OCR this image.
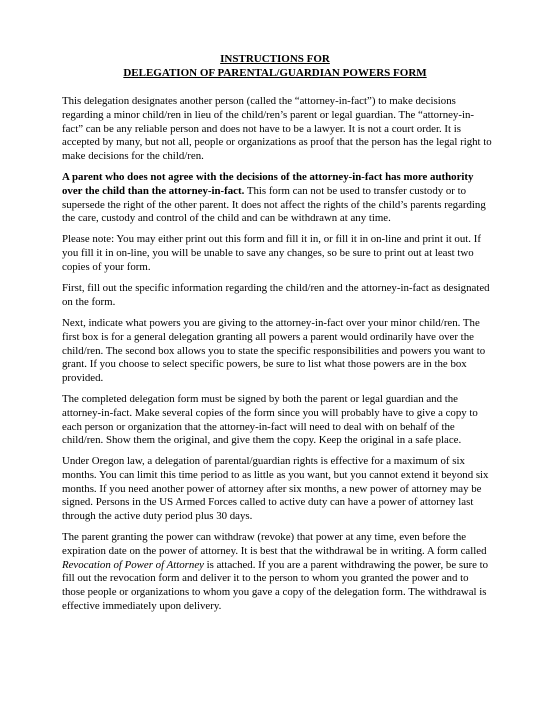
INSTRUCTIONS FOR
DELEGATION OF PARENTAL/GUARDIAN POWERS FORM

This delegation designates another person (called the “attorney-in-fact”) to make decisions regarding a minor child/ren in lieu of the child/ren’s parent or legal guardian. The “attorney-in-fact” can be any reliable person and does not have to be a lawyer. It is not a court order. It is accepted by many, but not all, people or organizations as proof that the person has the legal right to make decisions for the child/ren.

A parent who does not agree with the decisions of the attorney-in-fact has more authority over the child than the attorney-in-fact. This form can not be used to transfer custody or to supersede the right of the other parent. It does not affect the rights of the child’s parents regarding the care, custody and control of the child and can be withdrawn at any time.

Please note: You may either print out this form and fill it in, or fill it in on-line and print it out. If you fill it in on-line, you will be unable to save any changes, so be sure to print out at least two copies of your form.

First, fill out the specific information regarding the child/ren and the attorney-in-fact as designated on the form.

Next, indicate what powers you are giving to the attorney-in-fact over your minor child/ren. The first box is for a general delegation granting all powers a parent would ordinarily have over the child/ren. The second box allows you to state the specific responsibilities and powers you want to grant. If you choose to select specific powers, be sure to list what those powers are in the box provided.

The completed delegation form must be signed by both the parent or legal guardian and the attorney-in-fact. Make several copies of the form since you will probably have to give a copy to each person or organization that the attorney-in-fact will need to deal with on behalf of the child/ren. Show them the original, and give them the copy. Keep the original in a safe place.

Under Oregon law, a delegation of parental/guardian rights is effective for a maximum of six months. You can limit this time period to as little as you want, but you cannot extend it beyond six months. If you need another power of attorney after six months, a new power of attorney may be signed. Persons in the US Armed Forces called to active duty can have a power of attorney last through the active duty period plus 30 days.

The parent granting the power can withdraw (revoke) that power at any time, even before the expiration date on the power of attorney. It is best that the withdrawal be in writing. A form called Revocation of Power of Attorney is attached. If you are a parent withdrawing the power, be sure to fill out the revocation form and deliver it to the person to whom you granted the power and to those people or organizations to whom you gave a copy of the delegation form. The withdrawal is effective immediately upon delivery.
